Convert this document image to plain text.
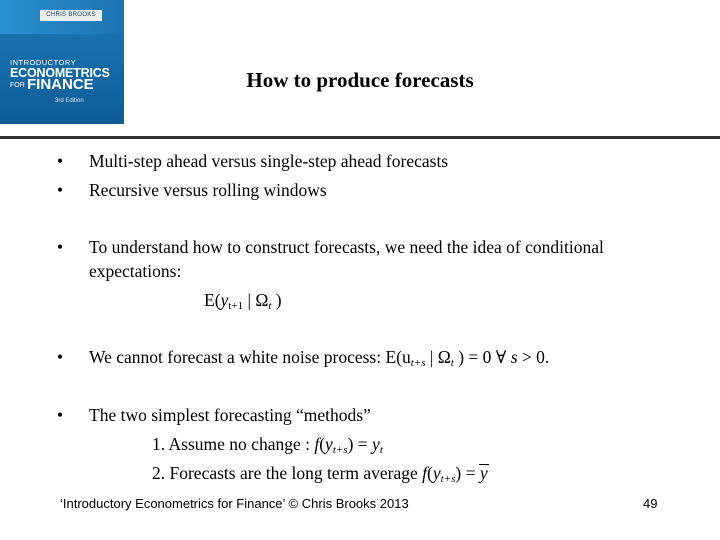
CHRIS BROOKS
INTRODUCTORY
ECONOMETRICS
FOR FINANCE
3rd Edition
How to produce forecasts
• Multi-step ahead versus single-step ahead forecasts
• Recursive versus rolling windows
• To understand how to construct forecasts, we need the idea of conditional
expectations:
$E(y_{t+1}$ | $\Omega_t$ )
• We cannot forecast a white noise process: $E(u_{t+s}$ | $\Omega_t$ ) = 0 ∀ s > 0.
• The two simplest forecasting “methods”
1. Assume no change : $f(y_{t+s}) = y_t$
2. Forecasts are the long term average $f(y_{t+s}) = y$
‘Introductory Econometrics for Finance’ © Chris Brooks 2013	49
